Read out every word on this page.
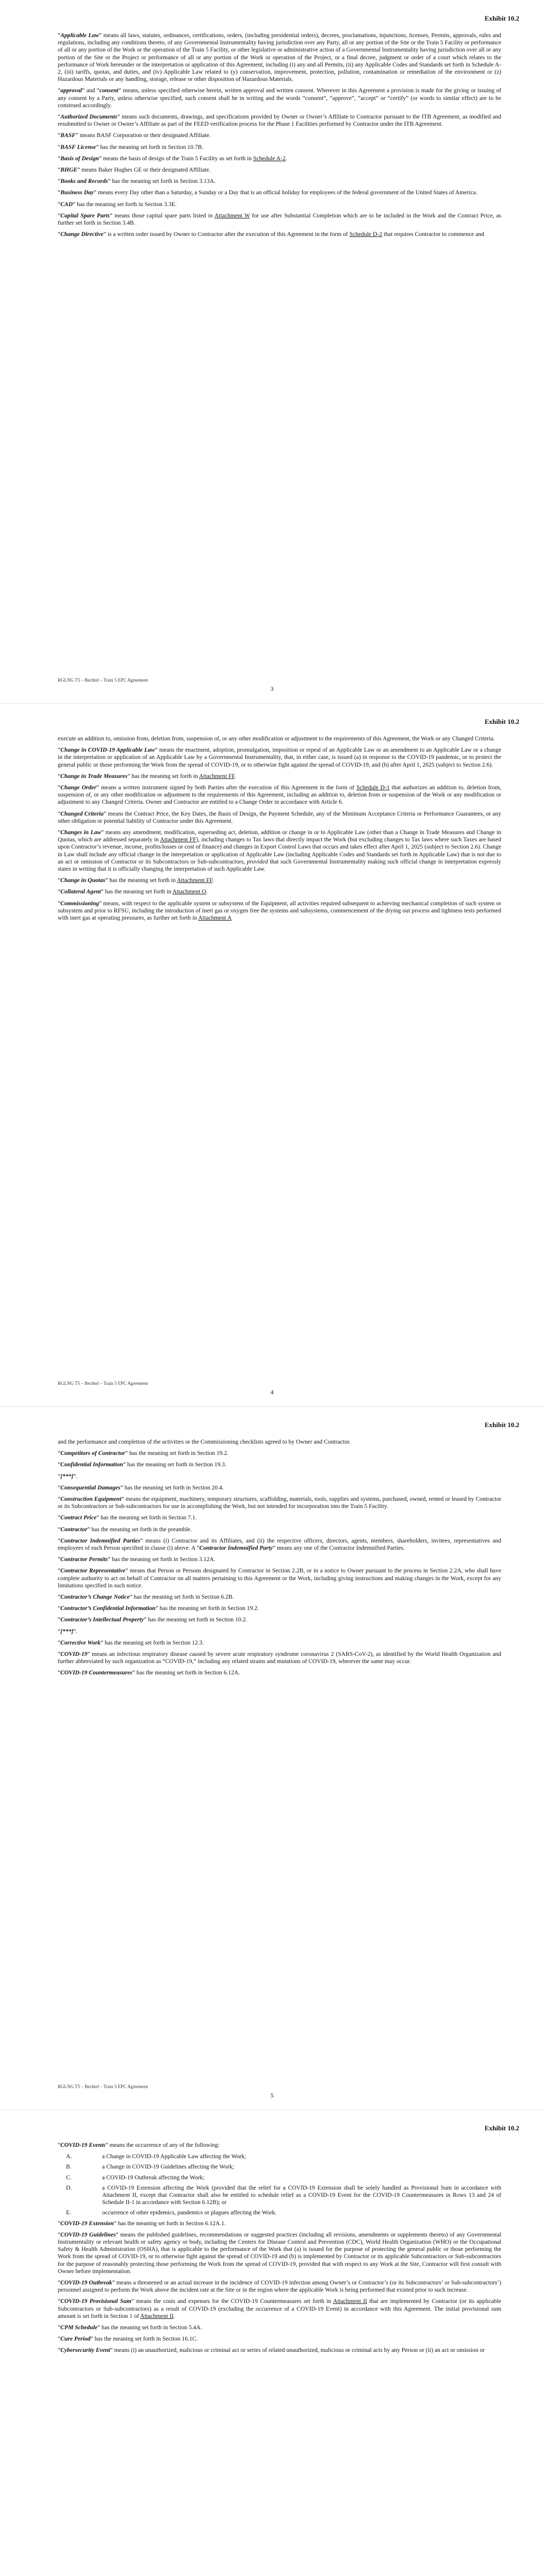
Exhibit 10.2

“Applicable Law” means all laws, statutes, ordinances, certifications, orders, (including presidential orders), decrees, proclamations, injunctions, licenses, Permits, approvals, rules and regulations, including any conditions thereto, of any Governmental Instrumentality having jurisdiction over any Party, all or any portion of the Site or the Train 5 Facility or performance of all or any portion of the Work or the operation of the Train 5 Facility, or other legislative or administrative action of a Governmental Instrumentality having jurisdiction over all or any portion of the Site or the Project or performance of all or any portion of the Work or operation of the Project, or a final decree, judgment or order of a court which relates to the performance of Work hereunder or the interpretation or application of this Agreement, including (i) any and all Permits, (ii) any Applicable Codes and Standards set forth in Schedule A-2, (iii) tariffs, quotas, and duties, and (iv) Applicable Law related to (y) conservation, improvement, protection, pollution, contamination or remediation of the environment or (z) Hazardous Materials or any handling, storage, release or other disposition of Hazardous Materials.

“approval” and “consent” means, unless specified otherwise herein, written approval and written consent. Wherever in this Agreement a provision is made for the giving or issuing of any consent by a Party, unless otherwise specified, such consent shall be in writing and the words “consent”, “approve”, “accept” or “certify” (or words to similar effect) are to be construed accordingly.

“Authorized Documents” means such documents, drawings, and specifications provided by Owner or Owner’s Affiliate to Contractor pursuant to the ITB Agreement, as modified and resubmitted to Owner or Owner’s Affiliate as part of the FEED verification process for the Phase 1 Facilities performed by Contractor under the ITB Agreement.

“BASF” means BASF Corporation or their designated Affiliate.

“BASF License” has the meaning set forth in Section 10.7B.

“Basis of Design” means the basis of design of the Train 5 Facility as set forth in Schedule A-2.

“BHGE” means Baker Hughes GE or their designated Affiliate.

“Books and Records” has the meaning set forth in Section 3.13A.

“Business Day” means every Day other than a Saturday, a Sunday or a Day that is an official holiday for employees of the federal government of the United States of America.

“CAD” has the meaning set forth in Section 3.3E.

“Capital Spare Parts” means those capital spare parts listed in Attachment W for use after Substantial Completion which are to be included in the Work and the Contract Price, as further set forth in Section 3.4B.

“Change Directive” is a written order issued by Owner to Contractor after the execution of this Agreement in the form of Schedule D-2 that requires Contractor to commence and

RGLNG T5 – Bechtel – Train 5 EPC Agreement
3
Exhibit 10.2

execute an addition to, omission from, deletion from, suspension of, or any other modification or adjustment to the requirements of this Agreement, the Work or any Changed Criteria.

“Change in COVID-19 Applicable Law” means the enactment, adoption, promulgation, imposition or repeal of an Applicable Law or an amendment to an Applicable Law or a change in the interpretation or application of an Applicable Law by a Governmental Instrumentality, that, in either case, is issued (a) in response to the COVID-19 pandemic, or to protect the general public or those performing the Work from the spread of COVID-19, or to otherwise fight against the spread of COVID-19, and (b) after April 1, 2025 (subject to Section 2.6).

“Change in Trade Measures” has the meaning set forth in Attachment FF.

“Change Order” means a written instrument signed by both Parties after the execution of this Agreement in the form of Schedule D-1 that authorizes an addition to, deletion from, suspension of, or any other modification or adjustment to the requirements of this Agreement, including an addition to, deletion from or suspension of the Work or any modification or adjustment to any Changed Criteria. Owner and Contractor are entitled to a Change Order in accordance with Article 6.

“Changed Criteria” means the Contract Price, the Key Dates, the Basis of Design, the Payment Schedule, any of the Minimum Acceptance Criteria or Performance Guarantees, or any other obligation or potential liability of Contractor under this Agreement.

“Changes in Law” means any amendment, modification, superseding act, deletion, addition or change in or to Applicable Law (other than a Change in Trade Measures and Change in Quotas, which are addressed separately in Attachment FF), including changes to Tax laws that directly impact the Work (but excluding changes to Tax laws where such Taxes are based upon Contractor’s revenue, income, profits/losses or cost of finance) and changes in Export Control Laws that occurs and takes effect after April 1, 2025 (subject to Section 2.6). Change in Law shall include any official change in the interpretation or application of Applicable Law (including Applicable Codes and Standards set forth in Applicable Law) that is not due to an act or omission of Contractor or its Subcontractors or Sub-subcontractors, provided that such Governmental Instrumentality making such official change in interpretation expressly states in writing that it is officially changing the interpretation of such Applicable Law.

“Change in Quotas” has the meaning set forth in Attachment FF.

“Collateral Agent” has the meaning set forth in Attachment O.

“Commissioning” means, with respect to the applicable system or subsystem of the Equipment, all activities required subsequent to achieving mechanical completion of such system or subsystem and prior to RFSU, including the introduction of inert gas or oxygen free the systems and subsystems, commencement of the drying out process and tightness tests performed with inert gas at operating pressures, as further set forth in Attachment A

RGLNG T5 – Bechtel – Train 5 EPC Agreement
4
Exhibit 10.2

and the performance and completion of the activities or the Commissioning checklists agreed to by Owner and Contractor.

“Competitors of Contractor” has the meaning set forth in Section 19.2.

“Confidential Information” has the meaning set forth in Section 19.3.

“[***]”.

“Consequential Damages” has the meaning set forth in Section 20.4.

“Construction Equipment” means the equipment, machinery, temporary structures, scaffolding, materials, tools, supplies and systems, purchased, owned, rented or leased by Contractor or its Subcontractors or Sub-subcontractors for use in accomplishing the Work, but not intended for incorporation into the Train 5 Facility.

“Contract Price” has the meaning set forth in Section 7.1.

“Contractor” has the meaning set forth in the preamble.

“Contractor Indemnified Parties” means (i) Contractor and its Affiliates, and (ii) the respective officers, directors, agents, members, shareholders, invitees, representatives and employees of each Person specified in clause (i) above. A “Contractor Indemnified Party” means any one of the Contractor Indemnified Parties.

“Contractor Permits” has the meaning set forth in Section 3.12A.

“Contractor Representative” means that Person or Persons designated by Contractor in Section 2.2B, or in a notice to Owner pursuant to the process in Section 2.2A, who shall have complete authority to act on behalf of Contractor on all matters pertaining to this Agreement or the Work, including giving instructions and making changes in the Work, except for any limitations specified in such notice.

“Contractor’s Change Notice” has the meaning set forth in Section 6.2B.

“Contractor’s Confidential Information” has the meaning set forth in Section 19.2.

“Contractor’s Intellectual Property” has the meaning set forth in Section 10.2.

“[***]”.

“Corrective Work” has the meaning set forth in Section 12.3.

“COVID-19” means an infectious respiratory disease caused by severe acute respiratory syndrome coronavirus 2 (SARS-CoV-2), as identified by the World Health Organization and further abbreviated by such organization as “COVID-19,” including any related strains and mutations of COVID-19, wherever the same may occur.

“COVID-19 Countermeasures” has the meaning set forth in Section 6.12A.

RGLNG T5 – Bechtel – Train 5 EPC Agreement
5
Exhibit 10.2

“COVID-19 Events” means the occurrence of any of the following:

A.	a Change in COVID-19 Applicable Law affecting the Work;
B.	a Change in COVID-19 Guidelines affecting the Work;
C.	a COVID-19 Outbreak affecting the Work;
D.	a COVID-19 Extension affecting the Work (provided that the relief for a COVID-19 Extension shall be solely handled as Provisional Sum in accordance with Attachment II, except that Contractor shall also be entitled to schedule relief as a COVID-19 Event for the COVID-19 Countermeasures in Rows 13 and 24 of Schedule II-1 in accordance with Section 6.12B); or
E.	occurrence of other epidemics, pandemics or plagues affecting the Work.

“COVID-19 Extension” has the meaning set forth in Section 6.12A.1.

“COVID-19 Guidelines” means the published guidelines, recommendations or suggested practices (including all revisions, amendments or supplements thereto) of any Governmental Instrumentality or relevant health or safety agency or body, including the Centers for Disease Control and Prevention (CDC), World Health Organization (WHO) or the Occupational Safety & Health Administration (OSHA), that is applicable to the performance of the Work that (a) is issued for the purpose of protecting the general public or those performing the Work from the spread of COVID-19, or to otherwise fight against the spread of COVID-19 and (b) is implemented by Contractor or its applicable Subcontractors or Sub-subcontractors for the purpose of reasonably protecting those performing the Work from the spread of COVID-19, provided that with respect to any Work at the Site, Contractor will first consult with Owner before implementation.

“COVID-19 Outbreak” means a threatened or an actual increase in the incidence of COVID-19 infection among Owner’s or Contractor’s (or its Subcontractors’ or Sub-subcontractors’) personnel assigned to perform the Work above the incident rate at the Site or in the region where the applicable Work is being performed that existed prior to such increase.

“COVID-19 Provisional Sum” means the costs and expenses for the COVID-19 Countermeasures set forth in Attachment II that are implemented by Contractor (or its applicable Subcontractors or Sub-subcontractors) as a result of COVID-19 (excluding the occurrence of a COVID-19 Event) in accordance with this Agreement. The initial provisional sum amount is set forth in Section 1 of Attachment II.

“CPM Schedule” has the meaning set forth in Section 5.4A.

“Cure Period” has the meaning set forth in Section 16.1C.

“Cybersecurity Event” means (i) an unauthorized, malicious or criminal act or series of related unauthorized, malicious or criminal acts by any Person or (ii) an act or omission or
